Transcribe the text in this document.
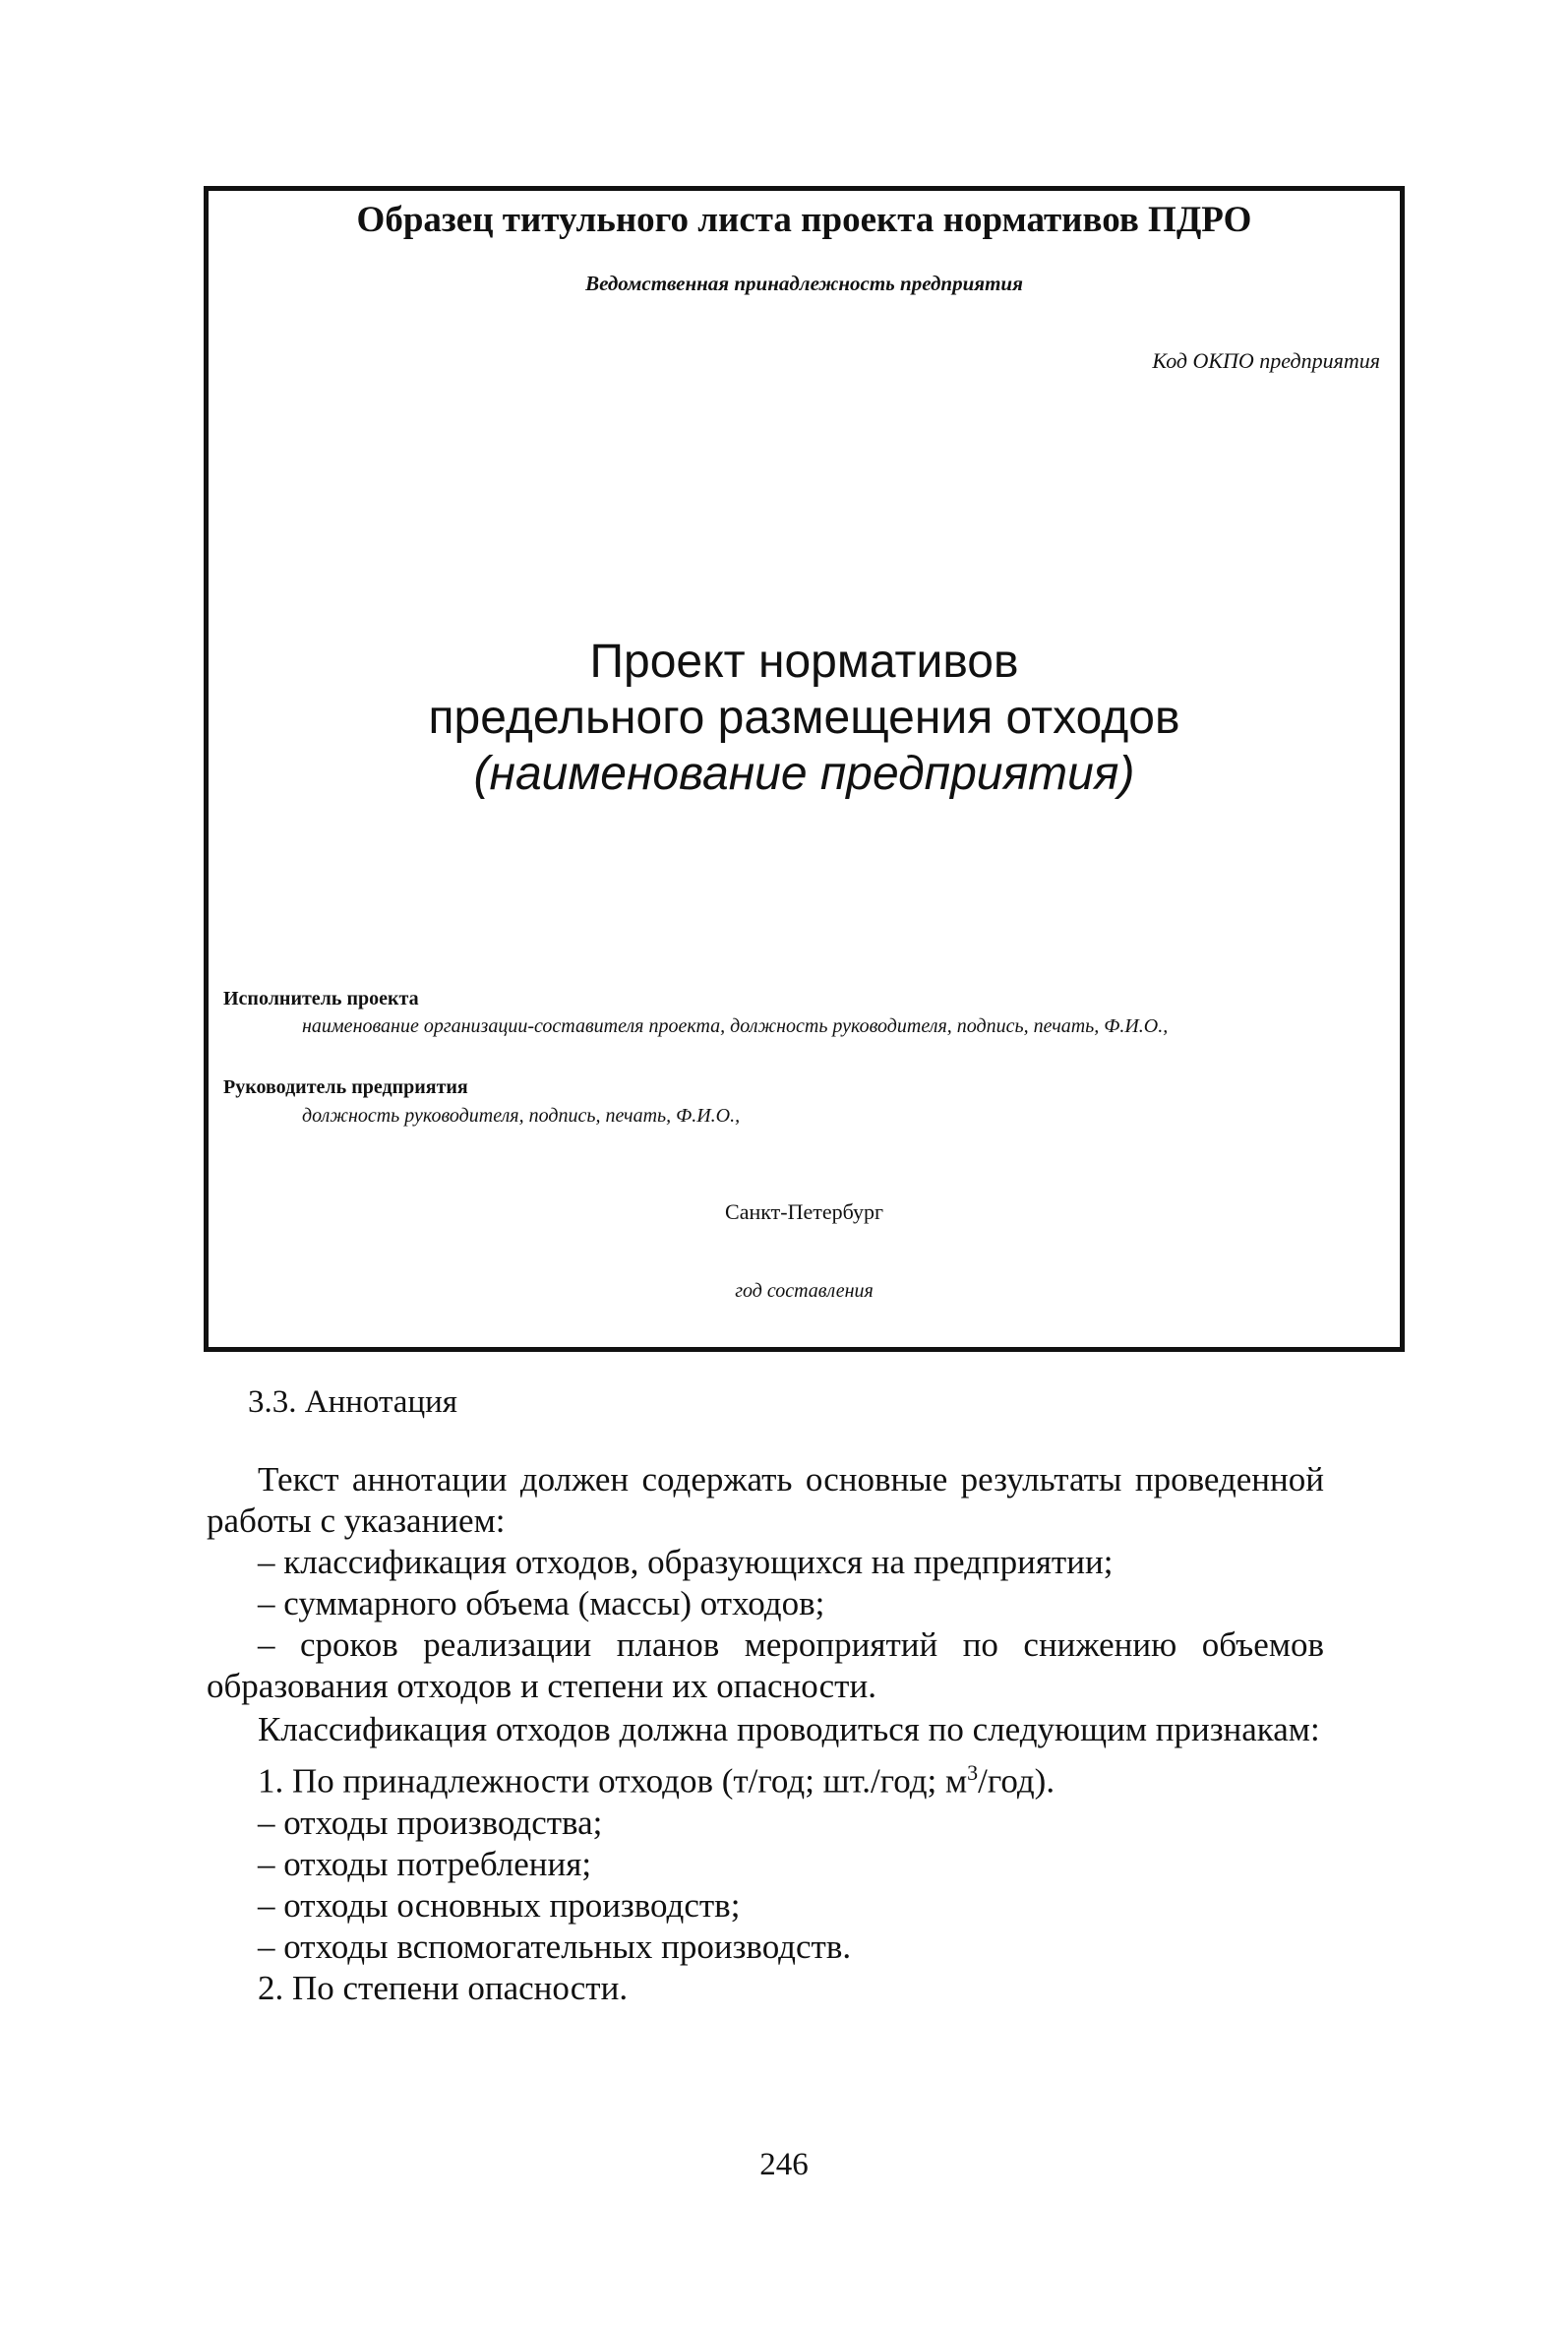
Образец титульного листа проекта нормативов ПДРО
Ведомственная принадлежность предприятия
Код ОКПО предприятия
Проект нормативов
предельного размещения отходов
(наименование предприятия)
Исполнитель проекта
наименование организации-составителя проекта, должность руководителя, подпись, печать, Ф.И.О.,
Руководитель предприятия
должность руководителя, подпись, печать, Ф.И.О.,
Санкт-Петербург
год составления
3.3. Аннотация

Текст аннотации должен содержать основные результаты проведенной работы с указанием:

– классификация отходов, образующихся на предприятии;

– суммарного объема (массы) отходов;

– сроков реализации планов мероприятий по снижению объемов образования отходов и степени их опасности.

Классификация отходов должна проводиться по следующим признакам:

1. По принадлежности отходов (т/год; шт./год; $м^3/год$).

– отходы производства;

– отходы потребления;

– отходы основных производств;

– отходы вспомогательных производств.

2. По степени опасности.

246
